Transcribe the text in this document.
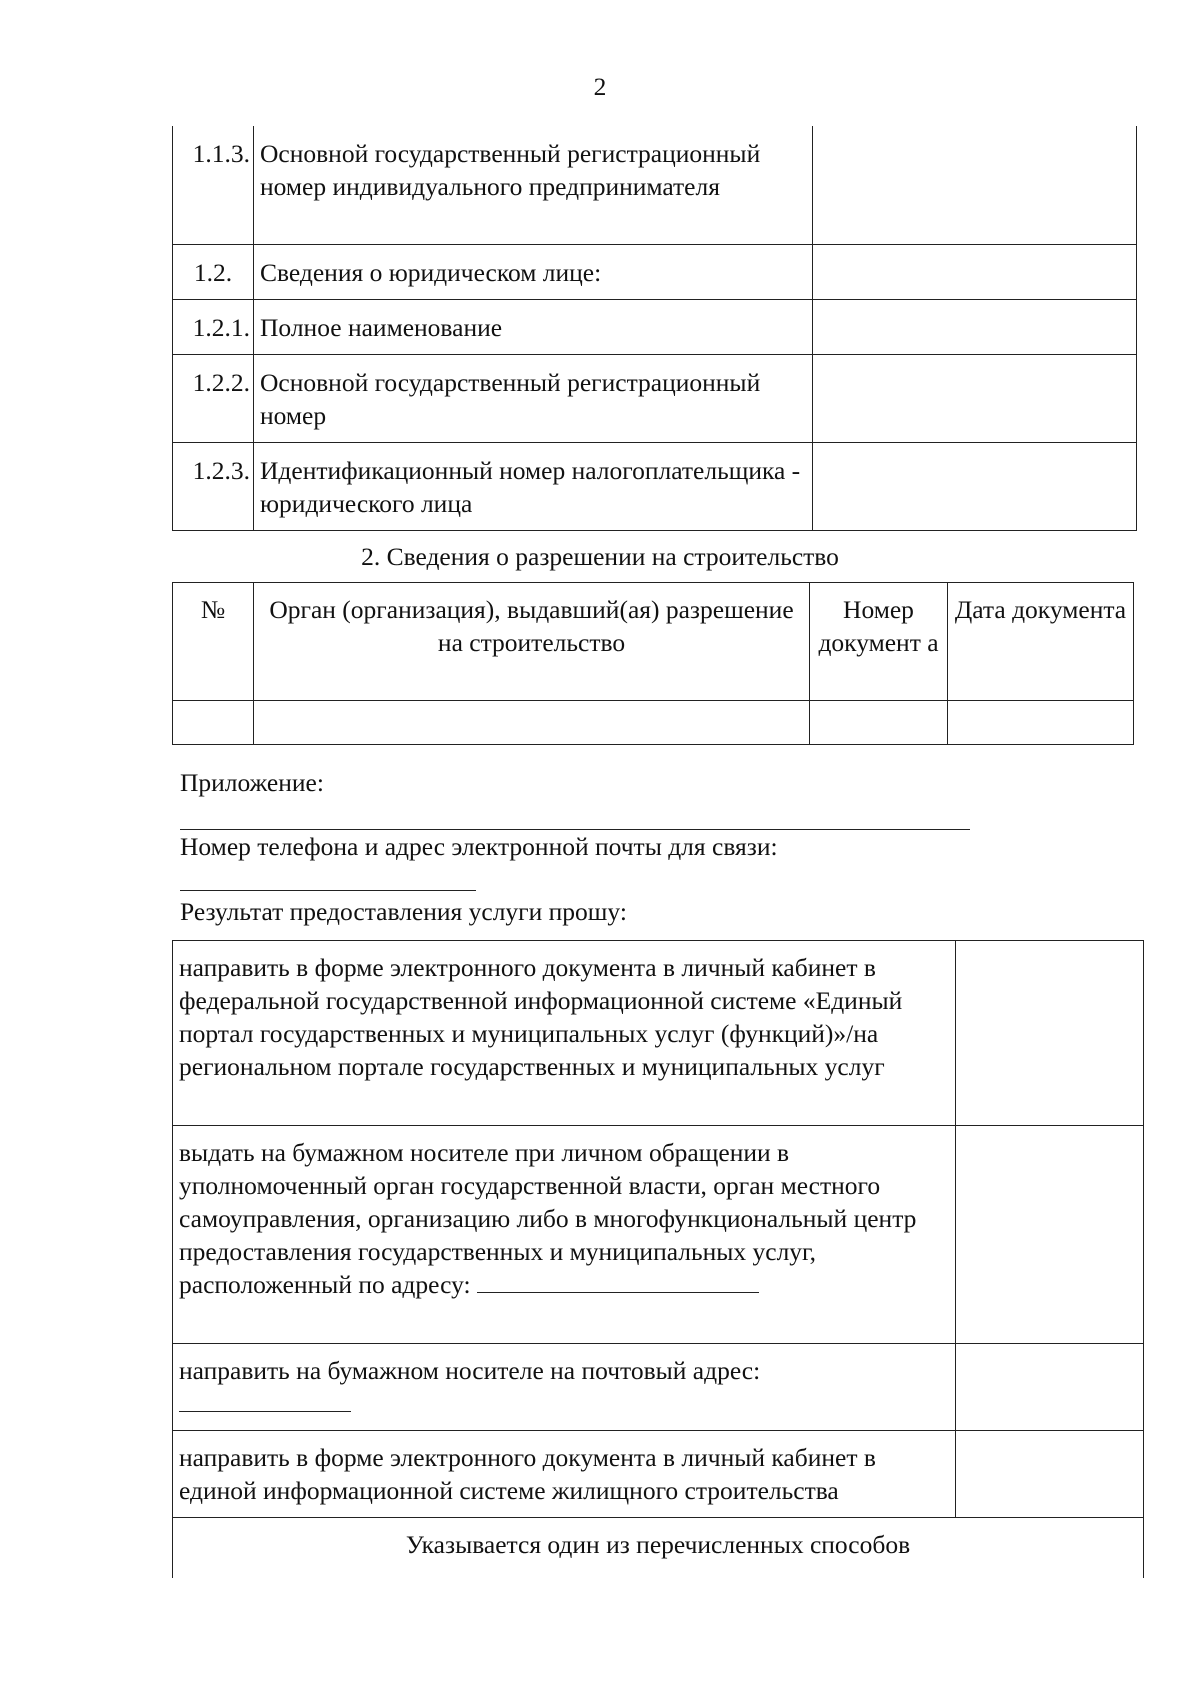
2
1.1.3.	Основной государственный регистрационный номер индивидуального предпринимателя	
1.2.	Сведения о юридическом лице:	
1.2.1.	Полное наименование	
1.2.2.	Основной государственный регистрационный номер	
1.2.3.	Идентификационный номер налогоплательщика - юридического лица	
2. Сведения о разрешении на строительство
№	Орган (организация), выдавший(ая) разрешение на строительство	Номер документ а	Дата документа

Приложение:
Номер телефона и адрес электронной почты для связи:
Результат предоставления услуги прошу:
направить в форме электронного документа в личный кабинет в федеральной государственной информационной системе «Единый портал государственных и муниципальных услуг (функций)»/на региональном портале государственных и муниципальных услуг	
выдать на бумажном носителе при личном обращении в уполномоченный орган государственной власти, орган местного самоуправления, организацию либо в многофункциональный центр предоставления государственных и муниципальных услуг, расположенный по адресу:	

направить на бумажном носителе на почтовый адрес:	

направить в форме электронного документа в личный кабинет в единой информационной системе жилищного строительства	
Указывается один из перечисленных способов	
